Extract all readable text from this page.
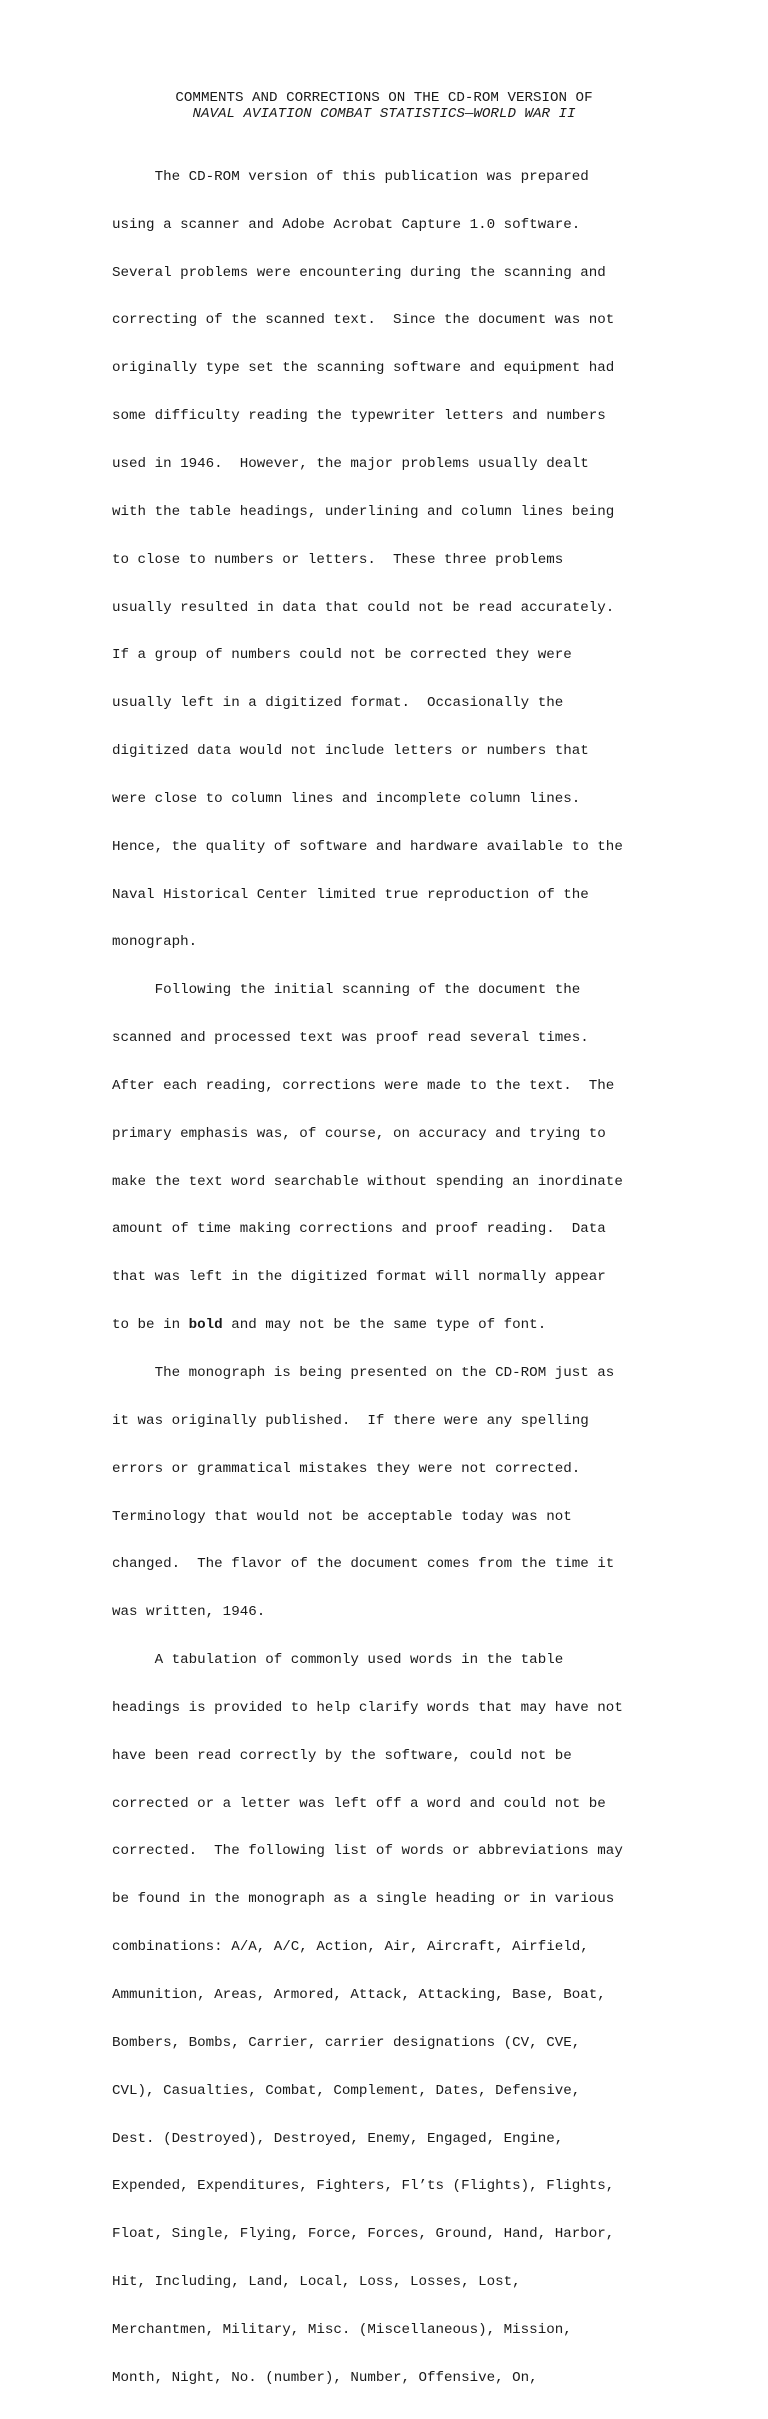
COMMENTS AND CORRECTIONS ON THE CD-ROM VERSION OF
NAVAL AVIATION COMBAT STATISTICS—WORLD WAR II

The CD-ROM version of this publication was prepared

using a scanner and Adobe Acrobat Capture 1.0 software.

Several problems were encountering during the scanning and

correcting of the scanned text.  Since the document was not

originally type set the scanning software and equipment had

some difficulty reading the typewriter letters and numbers

used in 1946.  However, the major problems usually dealt

with the table headings, underlining and column lines being

to close to numbers or letters.  These three problems

usually resulted in data that could not be read accurately.

If a group of numbers could not be corrected they were

usually left in a digitized format.  Occasionally the

digitized data would not include letters or numbers that

were close to column lines and incomplete column lines.

Hence, the quality of software and hardware available to the

Naval Historical Center limited true reproduction of the

monograph.

Following the initial scanning of the document the

scanned and processed text was proof read several times.

After each reading, corrections were made to the text.  The

primary emphasis was, of course, on accuracy and trying to

make the text word searchable without spending an inordinate

amount of time making corrections and proof reading.  Data

that was left in the digitized format will normally appear

to be in bold and may not be the same type of font.

The monograph is being presented on the CD-ROM just as

it was originally published.  If there were any spelling

errors or grammatical mistakes they were not corrected.

Terminology that would not be acceptable today was not

changed.  The flavor of the document comes from the time it

was written, 1946.

A tabulation of commonly used words in the table

headings is provided to help clarify words that may have not

have been read correctly by the software, could not be

corrected or a letter was left off a word and could not be

corrected.  The following list of words or abbreviations may

be found in the monograph as a single heading or in various

combinations: A/A, A/C, Action, Air, Aircraft, Airfield,

Ammunition, Areas, Armored, Attack, Attacking, Base, Boat,

Bombers, Bombs, Carrier, carrier designations (CV, CVE,

CVL), Casualties, Combat, Complement, Dates, Defensive,

Dest. (Destroyed), Destroyed, Enemy, Engaged, Engine,

Expended, Expenditures, Fighters, Fl’ts (Flights), Flights,

Float, Single, Flying, Force, Forces, Ground, Hand, Harbor,

Hit, Including, Land, Local, Loss, Losses, Lost,

Merchantmen, Military, Misc. (Miscellaneous), Mission,

Month, Night, No. (number), Number, Offensive, On,
